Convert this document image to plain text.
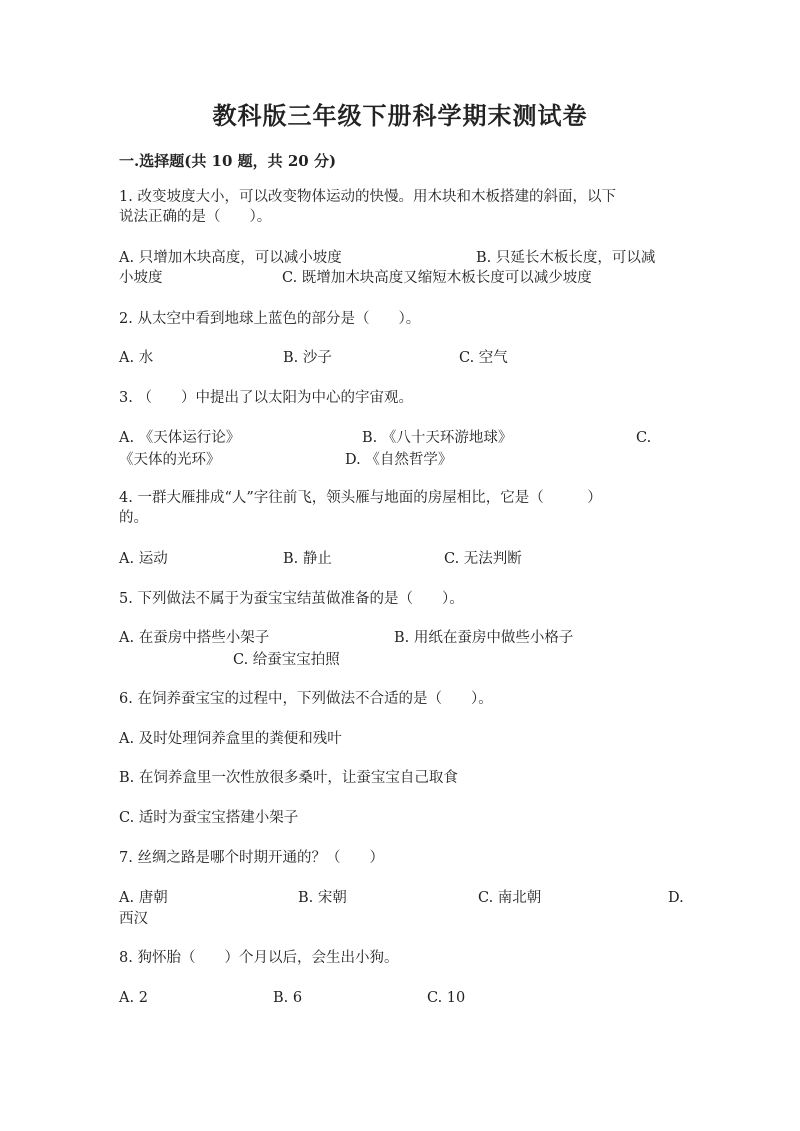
教科版三年级下册科学期末测试卷
一.选择题(共 10 题，共 20 分)
1. 改变坡度大小，可以改变物体运动的快慢。用木块和木板搭建的斜面，以下
说法正确的是（　　）。
A. 只增加木块高度，可以减小坡度	B. 只延长木板长度，可以减
小坡度	C. 既增加木块高度又缩短木板长度可以减少坡度
2. 从太空中看到地球上蓝色的部分是（　　）。
A. 水	B. 沙子	C. 空气
3. （　　）中提出了以太阳为中心的宇宙观。
A. 《天体运行论》	B. 《八十天环游地球》	C.
《天体的光环》	D. 《自然哲学》
4. 一群大雁排成“人”字往前飞，领头雁与地面的房屋相比，它是（　　　）
的。
A. 运动	B. 静止	C. 无法判断
5. 下列做法不属于为蚕宝宝结茧做准备的是（　　）。
A. 在蚕房中搭些小架子	B. 用纸在蚕房中做些小格子
C. 给蚕宝宝拍照
6. 在饲养蚕宝宝的过程中，下列做法不合适的是（　　）。
A. 及时处理饲养盒里的粪便和残叶
B. 在饲养盒里一次性放很多桑叶，让蚕宝宝自己取食
C. 适时为蚕宝宝搭建小架子
7. 丝绸之路是哪个时期开通的？（　　）
A. 唐朝	B. 宋朝	C. 南北朝	D.
西汉
8. 狗怀胎（　　）个月以后，会生出小狗。
A. 2	B. 6	C. 10
